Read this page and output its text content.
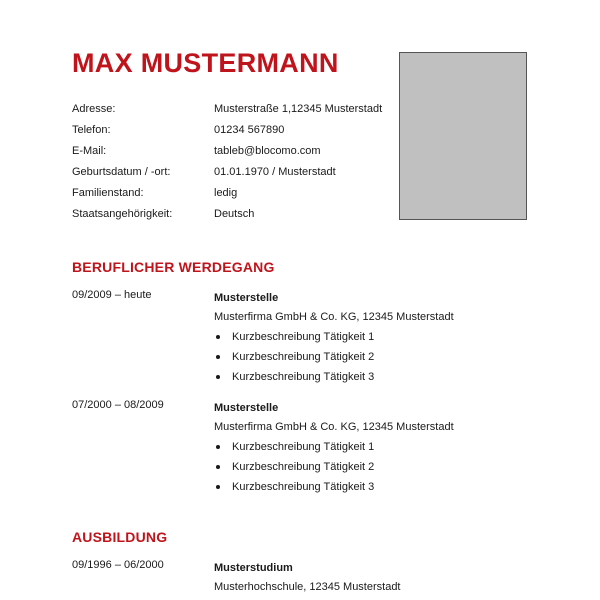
MAX MUSTERMANN
Adresse:	Musterstraße 1,12345 Musterstadt
Telefon:	01234 567890
E-Mail:	tableb@blocomo.com
Geburtsdatum / -ort:	01.01.1970 / Musterstadt
Familienstand:	ledig
Staatsangehörigkeit:	Deutsch
BERUFLICHER WERDEGANG
09/2009 – heute	Musterstelle
Musterfirma GmbH & Co. KG, 12345 Musterstadt
Kurzbeschreibung Tätigkeit 1
Kurzbeschreibung Tätigkeit 2
Kurzbeschreibung Tätigkeit 3
07/2000 – 08/2009	Musterstelle
Musterfirma GmbH & Co. KG, 12345 Musterstadt
Kurzbeschreibung Tätigkeit 1
Kurzbeschreibung Tätigkeit 2
Kurzbeschreibung Tätigkeit 3
AUSBILDUNG
09/1996 – 06/2000	Musterstudium
Musterhochschule, 12345 Musterstadt
